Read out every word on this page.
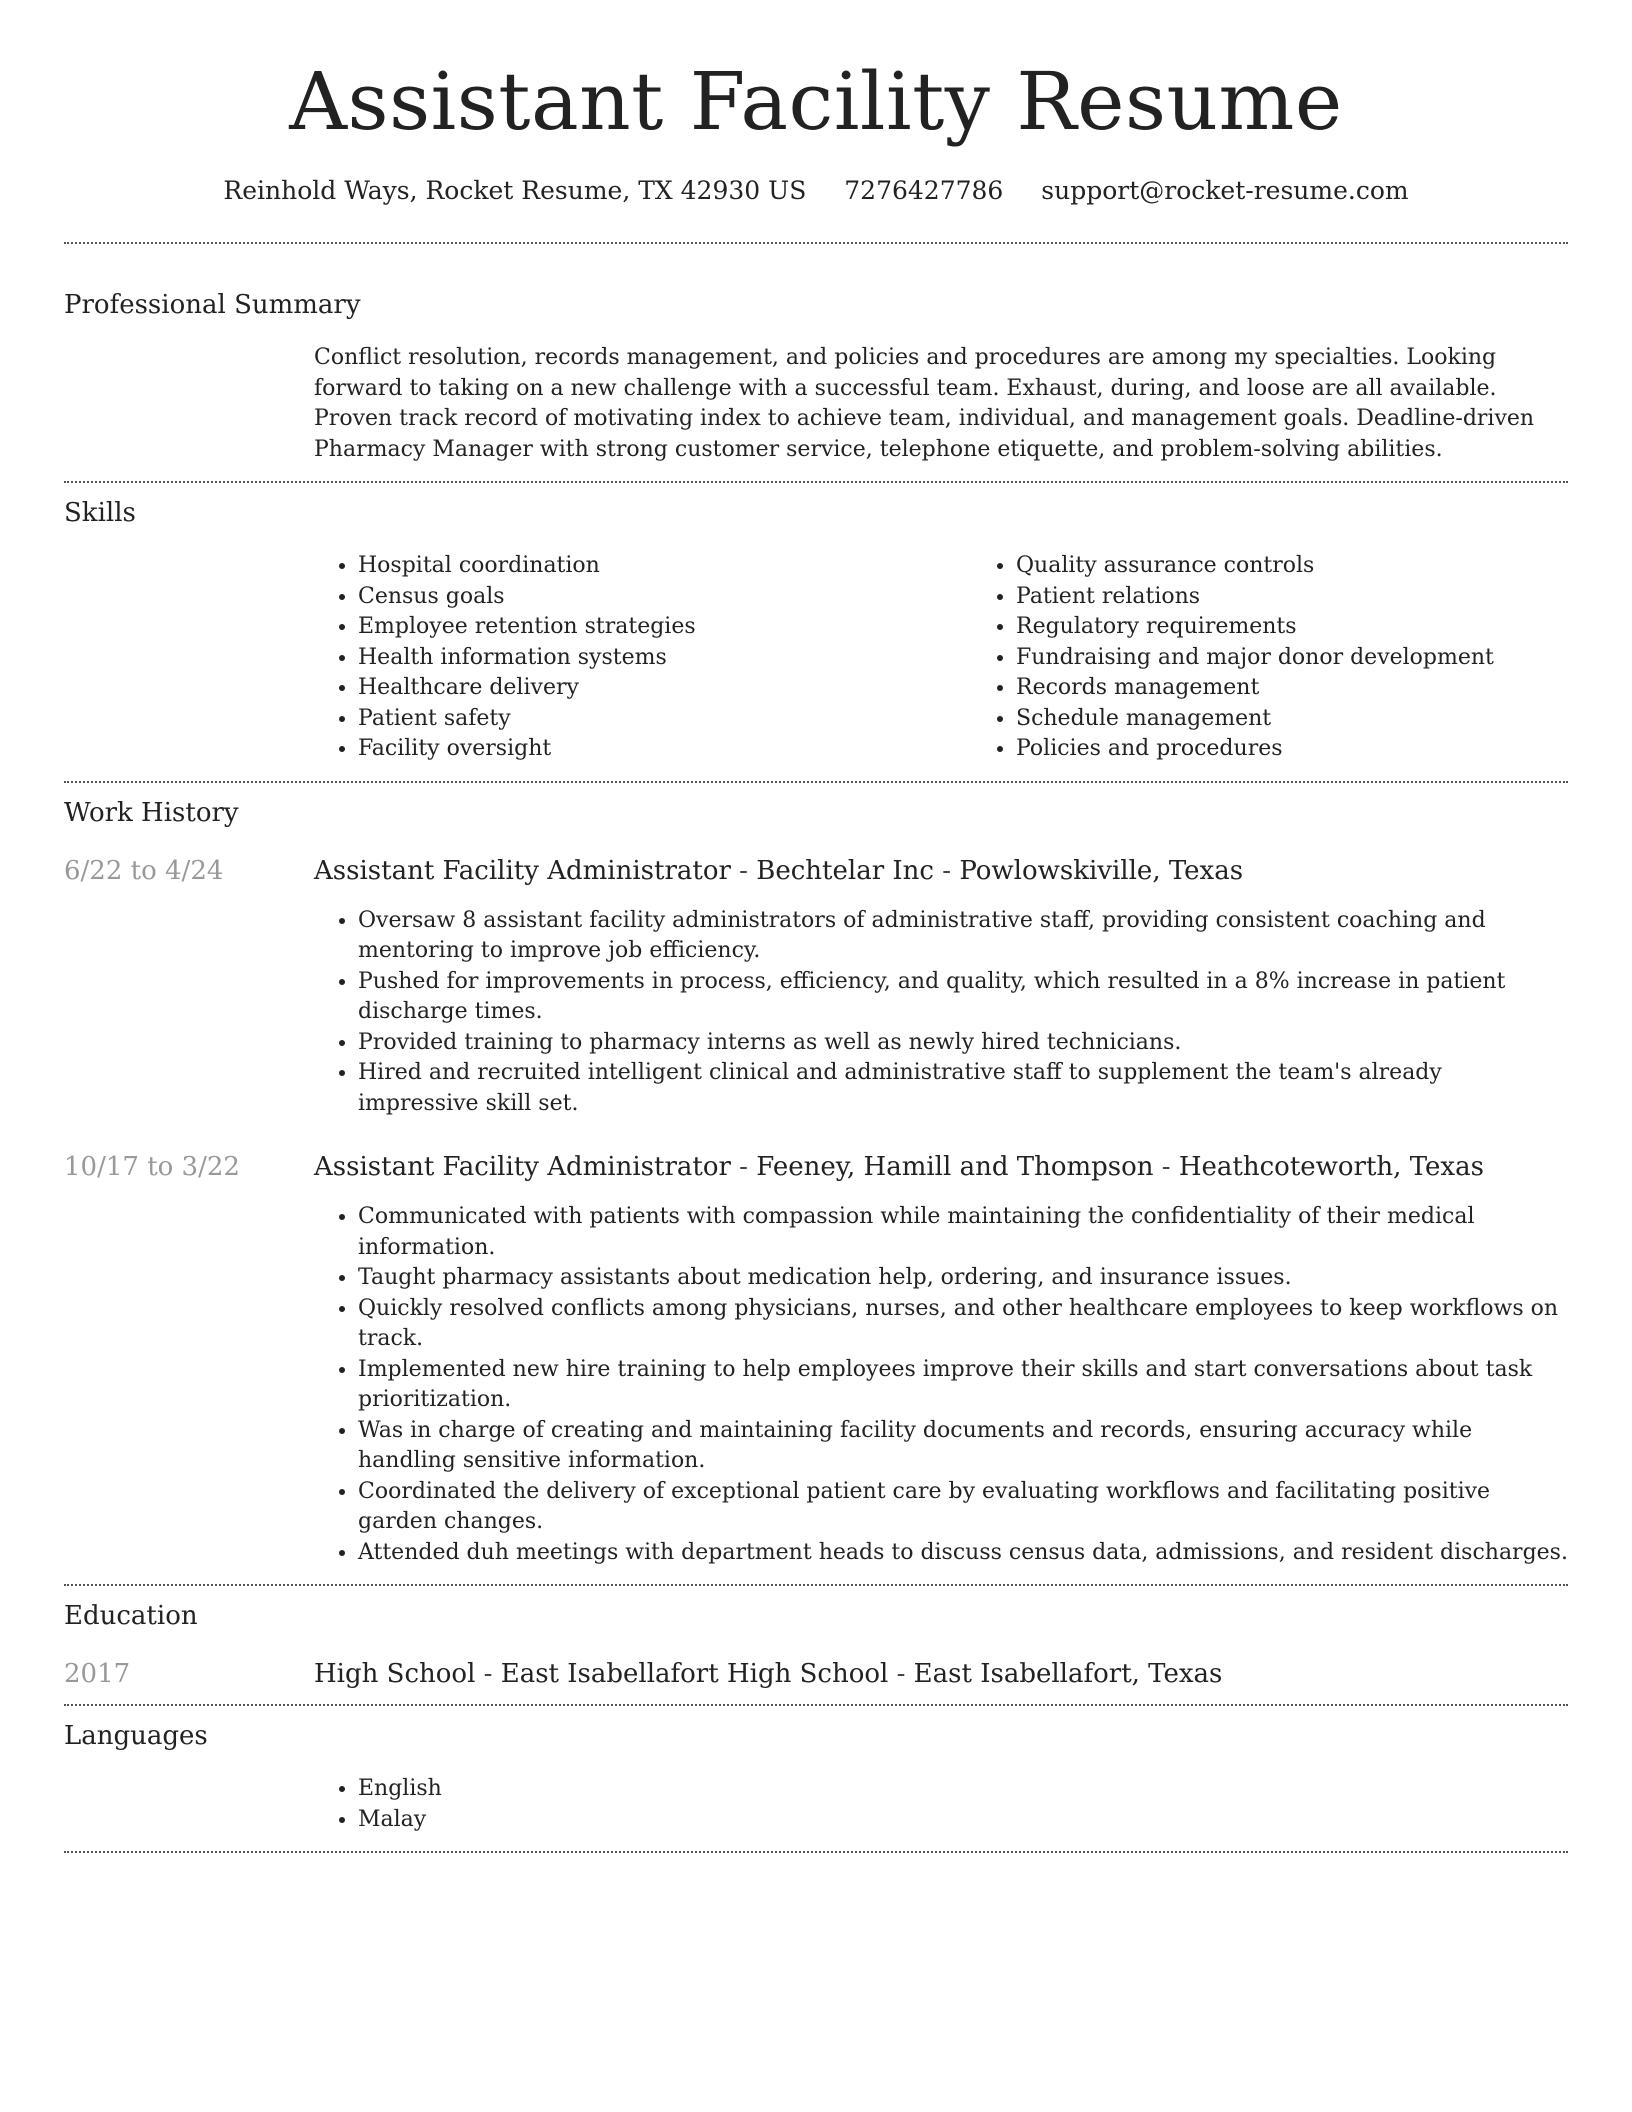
Assistant Facility Resume
Reinhold Ways, Rocket Resume, TX 42930 US 7276427786 support@rocket-resume.com
Professional Summary

Conflict resolution, records management, and policies and procedures are among my specialties. Looking forward to taking on a new challenge with a successful team. Exhaust, during, and loose are all available. Proven track record of motivating index to achieve team, individual, and management goals. Deadline-driven Pharmacy Manager with strong customer service, telephone etiquette, and problem-solving abilities.

Skills
• Hospital coordination
• Census goals
• Employee retention strategies
• Health information systems
• Healthcare delivery
• Patient safety
• Facility oversight
• Quality assurance controls
• Patient relations
• Regulatory requirements
• Fundraising and major donor development
• Records management
• Schedule management
• Policies and procedures
Work History
6/22 to 4/24	Assistant Facility Administrator - Bechtelar Inc - Powlowskiville, Texas
• Oversaw 8 assistant facility administrators of administrative staff, providing consistent coaching and mentoring to improve job efficiency.
• Pushed for improvements in process, efficiency, and quality, which resulted in a 8% increase in patient discharge times.
• Provided training to pharmacy interns as well as newly hired technicians.
• Hired and recruited intelligent clinical and administrative staff to supplement the team's already impressive skill set.
10/17 to 3/22	Assistant Facility Administrator - Feeney, Hamill and Thompson - Heathcoteworth, Texas
• Communicated with patients with compassion while maintaining the confidentiality of their medical information.
• Taught pharmacy assistants about medication help, ordering, and insurance issues.
• Quickly resolved conflicts among physicians, nurses, and other healthcare employees to keep workflows on track.
• Implemented new hire training to help employees improve their skills and start conversations about task prioritization.
• Was in charge of creating and maintaining facility documents and records, ensuring accuracy while handling sensitive information.
• Coordinated the delivery of exceptional patient care by evaluating workflows and facilitating positive garden changes.
• Attended duh meetings with department heads to discuss census data, admissions, and resident discharges.
Education
2017	High School - East Isabellafort High School - East Isabellafort, Texas
Languages
• English
• Malay
